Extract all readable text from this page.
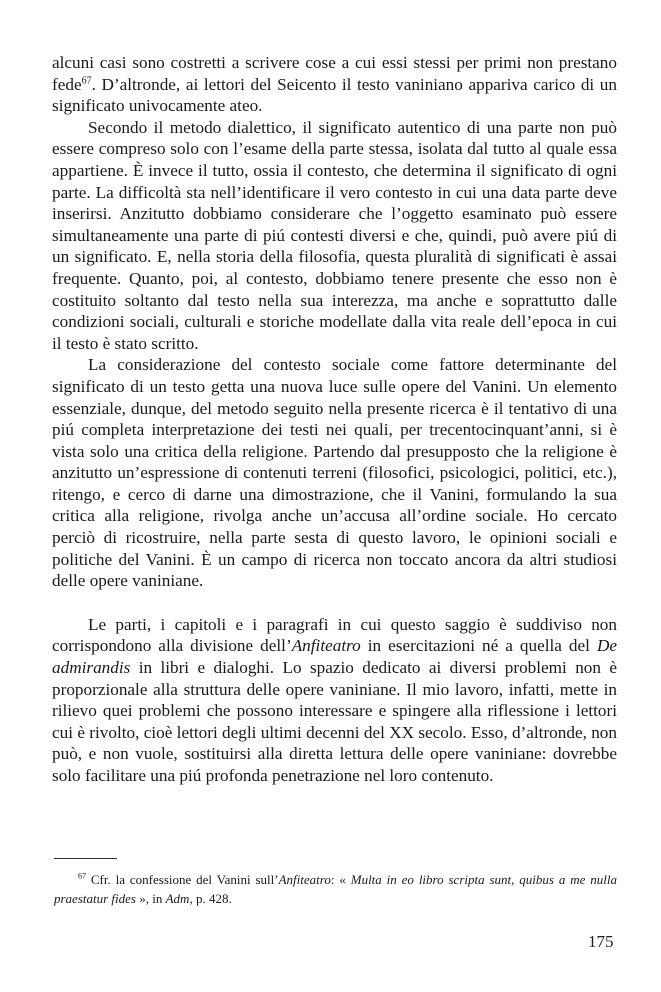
alcuni casi sono costretti a scrivere cose a cui essi stessi per primi non prestano fede$^{67}$. D’altronde, ai lettori del Seicento il testo vaniniano appariva carico di un significato univocamente ateo.

Secondo il metodo dialettico, il significato autentico di una parte non può essere compreso solo con l’esame della parte stessa, isolata dal tutto al quale essa appartiene. È invece il tutto, ossia il contesto, che determina il significato di ogni parte. La difficoltà sta nell’identificare il vero contesto in cui una data parte deve inserirsi. Anzitutto dobbiamo considerare che l’oggetto esaminato può essere simultaneamente una parte di piú contesti diversi e che, quindi, può avere piú di un significato. E, nella storia della filosofia, questa pluralità di significati è assai frequente. Quanto, poi, al contesto, dobbiamo tenere presente che esso non è costituito soltanto dal testo nella sua interezza, ma anche e soprattutto dalle condizioni sociali, culturali e storiche modellate dalla vita reale dell’epoca in cui il testo è stato scritto.

La considerazione del contesto sociale come fattore determinante del significato di un testo getta una nuova luce sulle opere del Vanini. Un elemento essenziale, dunque, del metodo seguito nella presente ricerca è il tentativo di una piú completa interpretazione dei testi nei quali, per trecentocinquant’anni, si è vista solo una critica della religione. Partendo dal presupposto che la religione è anzitutto un’espressione di contenuti terreni (filosofici, psicologici, politici, etc.), ritengo, e cerco di darne una dimostrazione, che il Vanini, formulando la sua critica alla religione, rivolga anche un’accusa all’ordine sociale. Ho cercato perciò di ricostruire, nella parte sesta di questo lavoro, le opinioni sociali e politiche del Vanini. È un campo di ricerca non toccato ancora da altri studiosi delle opere vaniniane.

Le parti, i capitoli e i paragrafi in cui questo saggio è suddiviso non corrispondono alla divisione dell’Anfiteatro in esercitazioni né a quella del De admirandis in libri e dialoghi. Lo spazio dedicato ai diversi problemi non è proporzionale alla struttura delle opere vaniniane. Il mio lavoro, infatti, mette in rilievo quei problemi che possono interessare e spingere alla riflessione i lettori cui è rivolto, cioè lettori degli ultimi decenni del XX secolo. Esso, d’altronde, non può, e non vuole, sostituirsi alla diretta lettura delle opere vaniniane: dovrebbe solo facilitare una piú profonda penetrazione nel loro contenuto.

$^{67}$ Cfr. la confessione del Vanini sull’Anfiteatro: « Multa in eo libro scripta sunt, quibus a me nulla praestatur fides », in Adm, p. 428.

175
